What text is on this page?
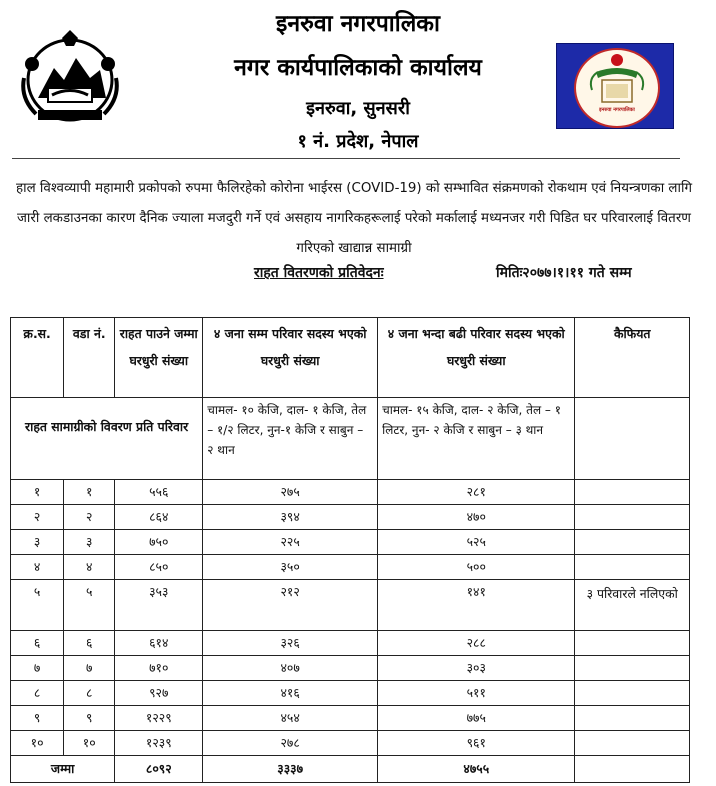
इनरुवा नगरपालिका
नगर कार्यपालिकाको कार्यालय
इनरुवा, सुनसरी
१ नं. प्रदेश, नेपाल
इनरुवा नगरपालिका
हाल विश्वव्यापी महामारी प्रकोपको रुपमा फैलिरहेको कोरोना भाईरस (COVID-19) को सम्भावित संक्रमणको रोकथाम एवं नियन्त्रणका लागि जारी लकडाउनका कारण दैनिक ज्याला मजदुरी गर्ने एवं असहाय नागरिकहरूलाई परेको मर्कालाई मध्यनजर गरी पिडित घर परिवारलाई वितरण गरिएको खाद्यान्न सामाग्री
राहत वितरणको प्रतिवेदनः	मितिः२०७७।१।११ गते सम्म
क्र.स.	वडा नं.	राहत पाउने जम्मा घरधुरी संख्या	४ जना सम्म परिवार सदस्य भएको घरधुरी संख्या	४ जना भन्दा बढी परिवार सदस्य भएको घरधुरी संख्या	कैफियत
राहत सामाग्रीको विवरण प्रति परिवार			चामल- १० केजि, दाल- १ केजि, तेल – १/२ लिटर, नुन-१ केजि र साबुन – २ थान	चामल- १५ केजि, दाल- २ केजि, तेल – १ लिटर, नुन- २ केजि र साबुन – ३ थान	
१	१	५५६	२७५	२८१	
२	२	८६४	३९४	४७०	
३	३	७५०	२२५	५२५	
४	४	८५०	३५०	५००	
५	५	३५३	२१२	१४१	३ परिवारले नलिएको
६	६	६१४	३२६	२८८	
७	७	७१०	४०७	३०३	
८	८	९२७	४१६	५११	
९	९	१२२९	४५४	७७५	
१०	१०	१२३९	२७८	९६१	
जम्मा		८०९२	३३३७	४७५५	
